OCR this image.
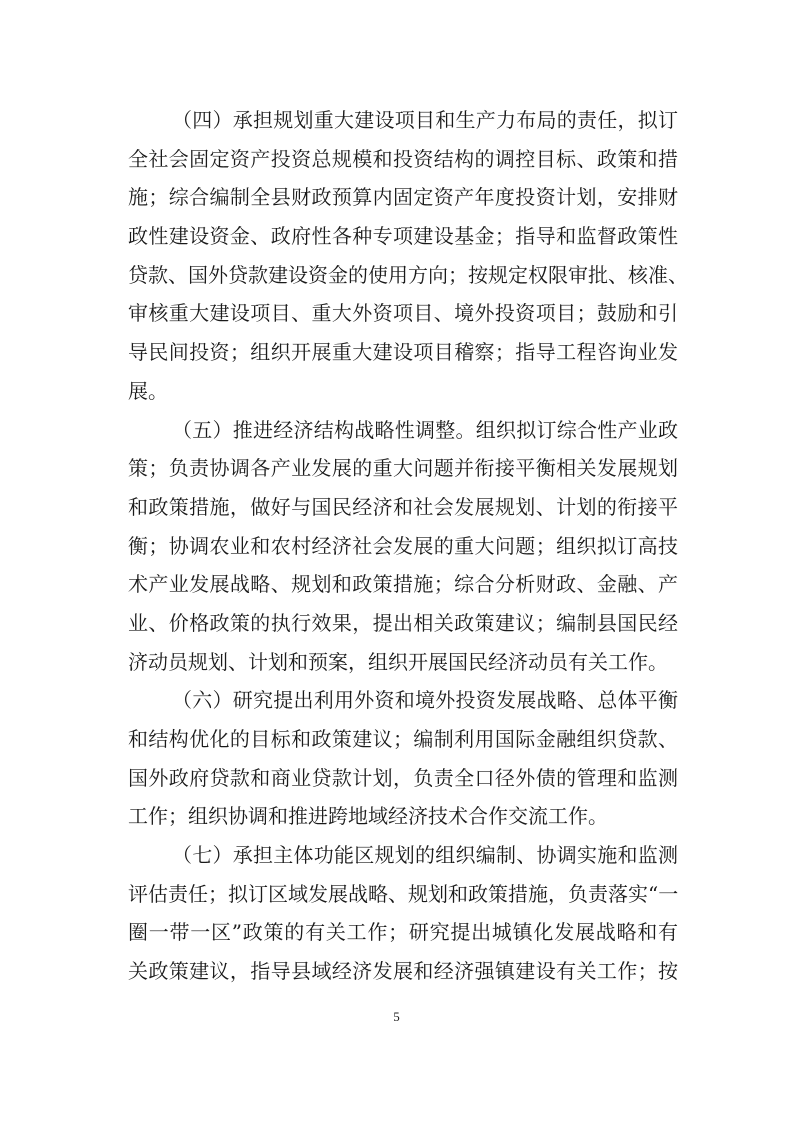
（四）承担规划重大建设项目和生产力布局的责任，拟订
全社会固定资产投资总规模和投资结构的调控目标、政策和措
施；综合编制全县财政预算内固定资产年度投资计划，安排财
政性建设资金、政府性各种专项建设基金；指导和监督政策性
贷款、国外贷款建设资金的使用方向；按规定权限审批、核准、
审核重大建设项目、重大外资项目、境外投资项目；鼓励和引
导民间投资；组织开展重大建设项目稽察；指导工程咨询业发
展。
（五）推进经济结构战略性调整。组织拟订综合性产业政
策；负责协调各产业发展的重大问题并衔接平衡相关发展规划
和政策措施，做好与国民经济和社会发展规划、计划的衔接平
衡；协调农业和农村经济社会发展的重大问题；组织拟订高技
术产业发展战略、规划和政策措施；综合分析财政、金融、产
业、价格政策的执行效果，提出相关政策建议；编制县国民经
济动员规划、计划和预案，组织开展国民经济动员有关工作。
（六）研究提出利用外资和境外投资发展战略、总体平衡
和结构优化的目标和政策建议；编制利用国际金融组织贷款、
国外政府贷款和商业贷款计划，负责全口径外债的管理和监测
工作；组织协调和推进跨地域经济技术合作交流工作。
（七）承担主体功能区规划的组织编制、协调实施和监测
评估责任；拟订区域发展战略、规划和政策措施，负责落实“一
圈一带一区”政策的有关工作；研究提出城镇化发展战略和有
关政策建议，指导县域经济发展和经济强镇建设有关工作；按
5
